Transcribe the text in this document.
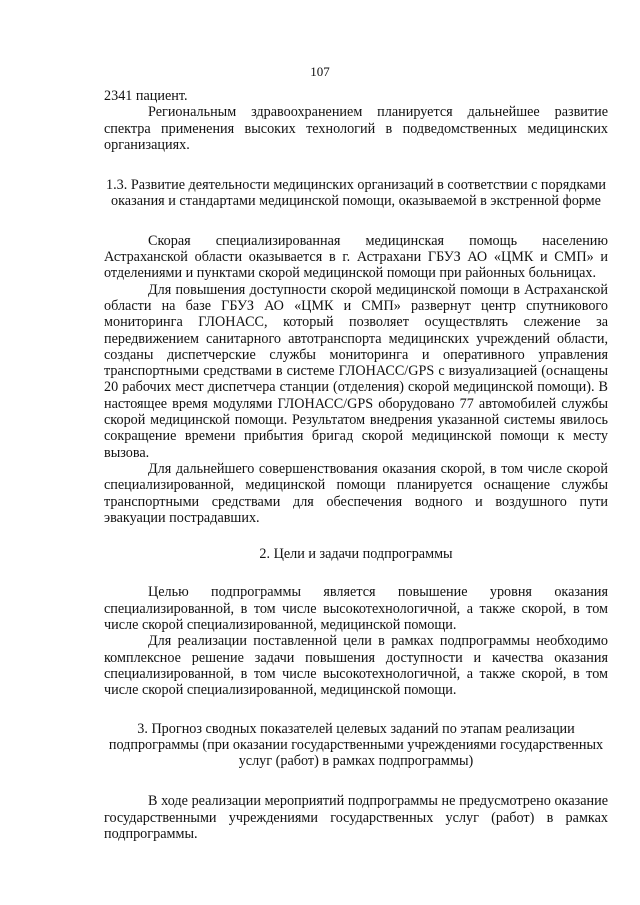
107

2341 пациент.

Региональным здравоохранением планируется дальнейшее развитие спектра применения высоких технологий в подведомственных медицинских организациях.

1.3. Развитие деятельности медицинских организаций в соответствии с порядками оказания и стандартами медицинской помощи, оказываемой в экстренной форме

Скорая специализированная медицинская помощь населению Астраханской области оказывается в г. Астрахани ГБУЗ АО «ЦМК и СМП» и отделениями и пунктами скорой медицинской помощи при районных больницах.

Для повышения доступности скорой медицинской помощи в Астраханской области на базе ГБУЗ АО «ЦМК и СМП» развернут центр спутникового мониторинга ГЛОНАСС, который позволяет осуществлять слежение за передвижением санитарного автотранспорта медицинских учреждений области, созданы диспетчерские службы мониторинга и оперативного управления транспортными средствами в системе ГЛОНАСС/GPS с визуализацией (оснащены 20 рабочих мест диспетчера станции (отделения) скорой медицинской помощи). В настоящее время модулями ГЛОНАСС/GPS оборудовано 77 автомобилей службы скорой медицинской помощи. Результатом внедрения указанной системы явилось сокращение времени прибытия бригад скорой медицинской помощи к месту вызова.

Для дальнейшего совершенствования оказания скорой, в том числе скорой специализированной, медицинской помощи планируется оснащение службы транспортными средствами для обеспечения водного и воздушного пути эвакуации пострадавших.

2. Цели и задачи подпрограммы

Целью подпрограммы является повышение уровня оказания специализированной, в том числе высокотехнологичной, а также скорой, в том числе скорой специализированной, медицинской помощи.

Для реализации поставленной цели в рамках подпрограммы необходимо комплексное решение задачи повышения доступности и качества оказания специализированной, в том числе высокотехнологичной, а также скорой, в том числе скорой специализированной, медицинской помощи.

3. Прогноз сводных показателей целевых заданий по этапам реализации подпрограммы (при оказании государственными учреждениями государственных услуг (работ) в рамках подпрограммы)

В ходе реализации мероприятий подпрограммы не предусмотрено оказание государственными учреждениями государственных услуг (работ) в рамках подпрограммы.
